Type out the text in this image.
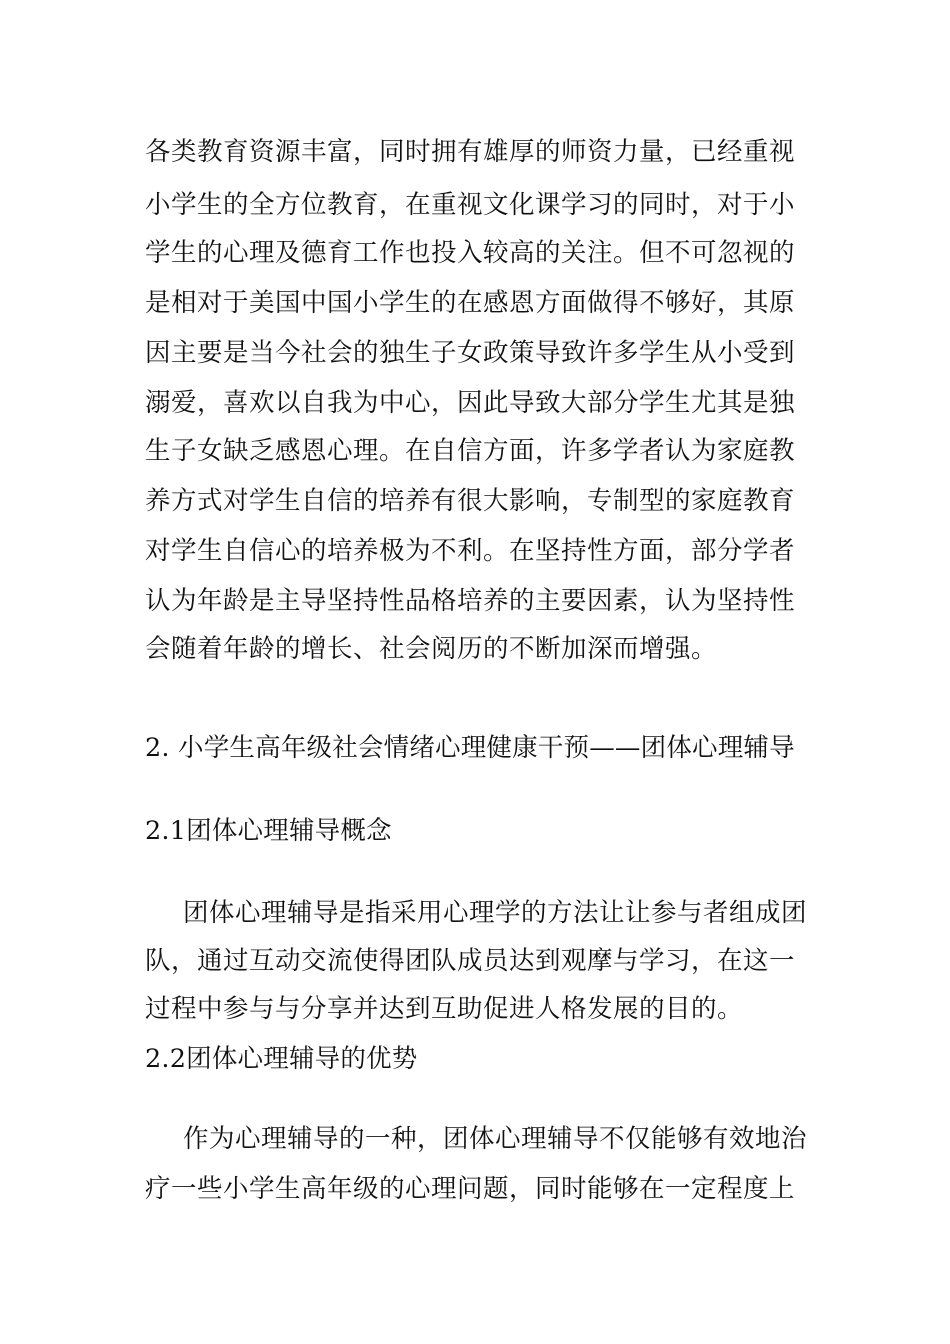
各类教育资源丰富，同时拥有雄厚的师资力量，已经重视
小学生的全方位教育，在重视文化课学习的同时，对于小
学生的心理及德育工作也投入较高的关注。但不可忽视的
是相对于美国中国小学生的在感恩方面做得不够好，其原
因主要是当今社会的独生子女政策导致许多学生从小受到
溺爱，喜欢以自我为中心，因此导致大部分学生尤其是独
生子女缺乏感恩心理。在自信方面，许多学者认为家庭教
养方式对学生自信的培养有很大影响，专制型的家庭教育
对学生自信心的培养极为不利。在坚持性方面，部分学者
认为年龄是主导坚持性品格培养的主要因素，认为坚持性
会随着年龄的增长、社会阅历的不断加深而增强。
2. 小学生高年级社会情绪心理健康干预——团体心理辅导
2.1团体心理辅导概念
团体心理辅导是指采用心理学的方法让让参与者组成团
队，通过互动交流使得团队成员达到观摩与学习，在这一
过程中参与与分享并达到互助促进人格发展的目的。
2.2团体心理辅导的优势
作为心理辅导的一种，团体心理辅导不仅能够有效地治
疗一些小学生高年级的心理问题，同时能够在一定程度上
